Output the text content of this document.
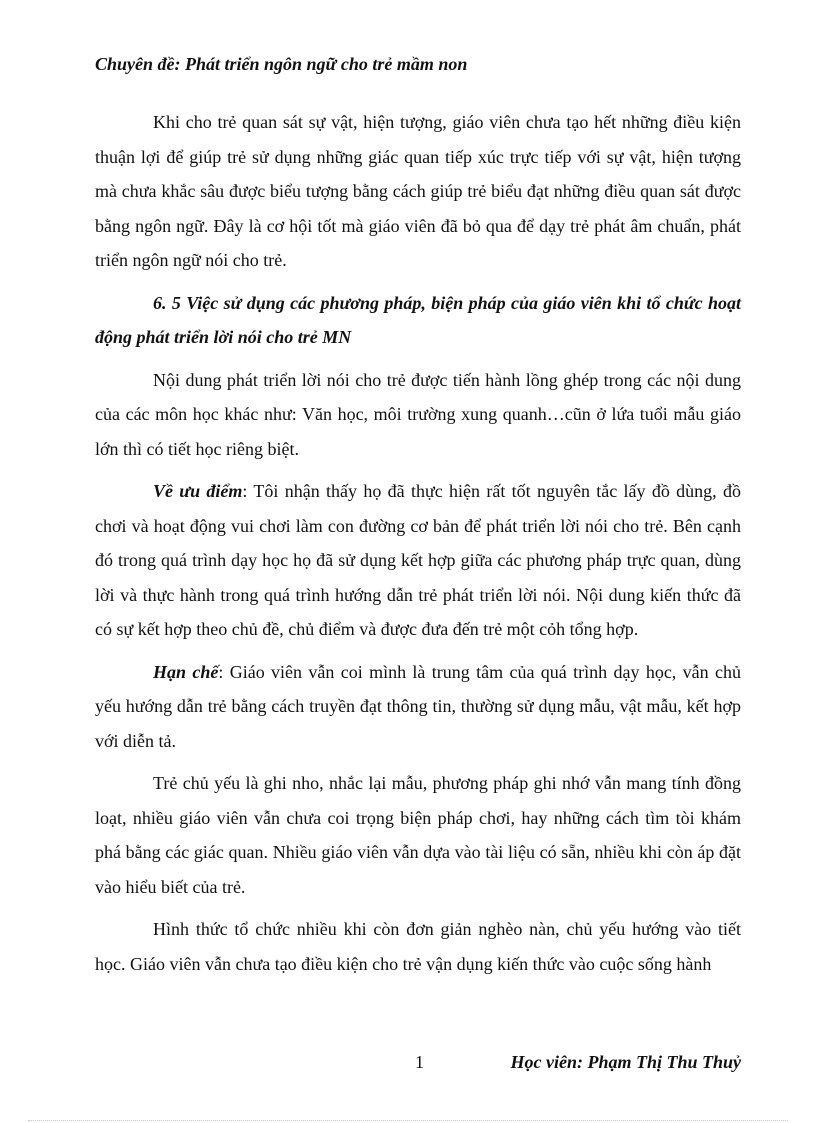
Chuyên đề: Phát triển ngôn ngữ cho trẻ mầm non

Khi cho trẻ quan sát sự vật, hiện tượng, giáo viên chưa tạo hết những điều kiện thuận lợi để giúp trẻ sử dụng những giác quan tiếp xúc trực tiếp với sự vật, hiện tượng mà chưa khắc sâu được biểu tượng bằng cách giúp trẻ biểu đạt những điều quan sát được bằng ngôn ngữ. Đây là cơ hội tốt mà giáo viên đã bỏ qua để dạy trẻ phát âm chuẩn, phát triển ngôn ngữ nói cho trẻ.

6. 5 Việc sử dụng các phương pháp, biện pháp của giáo viên khi tổ chức hoạt động phát triển lời nói cho trẻ MN

Nội dung phát triển lời nói cho trẻ được tiến hành lồng ghép trong các nội dung của các môn học khác như: Văn học, môi trường xung quanh…cũn ở lứa tuổi mẫu giáo lớn thì có tiết học riêng biệt.

Về ưu điểm: Tôi nhận thấy họ đã thực hiện rất tốt nguyên tắc lấy đồ dùng, đồ chơi và hoạt động vui chơi làm con đường cơ bản để phát triển lời nói cho trẻ. Bên cạnh đó trong quá trình dạy học họ đã sử dụng kết hợp giữa các phương pháp trực quan, dùng lời và thực hành trong quá trình hướng dẫn trẻ phát triển lời nói. Nội dung kiến thức đã có sự kết hợp theo chủ đề, chủ điểm và được đưa đến trẻ một cỏh tổng hợp.

Hạn chế: Giáo viên vẫn coi mình là trung tâm của quá trình dạy học, vẫn chủ yếu hướng dẫn trẻ bằng cách truyền đạt thông tin, thường sử dụng mẫu, vật mẫu, kết hợp với diễn tả.

Trẻ chủ yếu là ghi nho, nhắc lại mẫu, phương pháp ghi nhớ vẫn mang tính đồng loạt, nhiều giáo viên vẫn chưa coi trọng biện pháp chơi, hay những cách tìm tòi khám phá bằng các giác quan. Nhiều giáo viên vẫn dựa vào tài liệu có sẵn, nhiều khi còn áp đặt vào hiểu biết của trẻ.

Hình thức tổ chức nhiều khi còn đơn giản nghèo nàn, chủ yếu hướng vào tiết học. Giáo viên vẫn chưa tạo điều kiện cho trẻ vận dụng kiến thức vào cuộc sống hành

1	Học viên: Phạm Thị Thu Thuỷ
